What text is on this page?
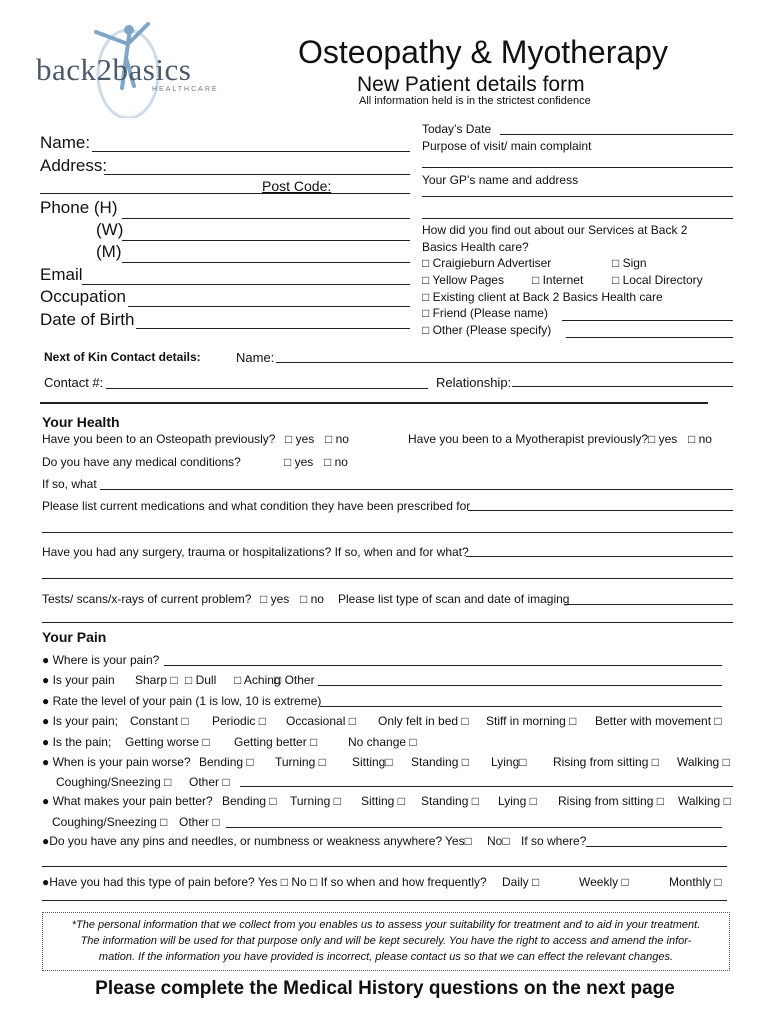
back2basics
HEALTHCARE
Osteopathy & Myotherapy
New Patient details form
All information held is in the strictest confidence
Name:
Address:
Post Code:
Phone (H)
(W)
(M)
Email
Occupation
Date of Birth
Today’s Date
Purpose of visit/ main complaint
Your GP’s name and address
How did you find out about our Services at Back 2
Basics Health care?
□ Craigieburn Advertiser	□ Sign
□ Yellow Pages □ Internet □ Local Directory
□ Existing client at Back 2 Basics Health care
□ Friend (Please name)
□ Other (Please specify)
Next of Kin Contact details:	Name:
Contact #:	Relationship:
Your Health
Have you been to an Osteopath previously? □ yes □ no	Have you been to a Myotherapist previously? □ yes □ no
Do you have any medical conditions?	□ yes □ no
If so, what
Please list current medications and what condition they have been prescribed for
Have you had any surgery, trauma or hospitalizations? If so, when and for what?
Tests/ scans/x-rays of current problem? □ yes □ no Please list type of scan and date of imaging
Your Pain
● Where is your pain?
● Is your pain Sharp □ □ Dull □ Aching
□ Other
● Rate the level of your pain (1 is low, 10 is extreme)
● Is your pain; Constant □ Periodic □ Occasional □ Only felt in bed □ Stiff in morning □ Better with movement □
● Is the pain; Getting worse □ Getting better □	No change □
● When is your pain worse? Bending □ Turning □ Sitting□ Standing □ Lying□ Rising from sitting □ Walking □
Coughing/Sneezing □ Other □
● What makes your pain better? Bending □ Turning □ Sitting □ Standing □ Lying □ Rising from sitting □ Walking □
Coughing/Sneezing □ Other □
●Do you have any pins and needles, or numbness or weakness anywhere? Yes□ No□ If so where?
●Have you had this type of pain before? Yes □ No □ If so when and how frequently? Daily □	Weekly □	Monthly □
*The personal information that we collect from you enables us to assess your suitability for treatment and to aid in your treatment.
The information will be used for that purpose only and will be kept securely. You have the right to access and amend the infor-
mation. If the information you have provided is incorrect, please contact us so that we can effect the relevant changes.
Please complete the Medical History questions on the next page
